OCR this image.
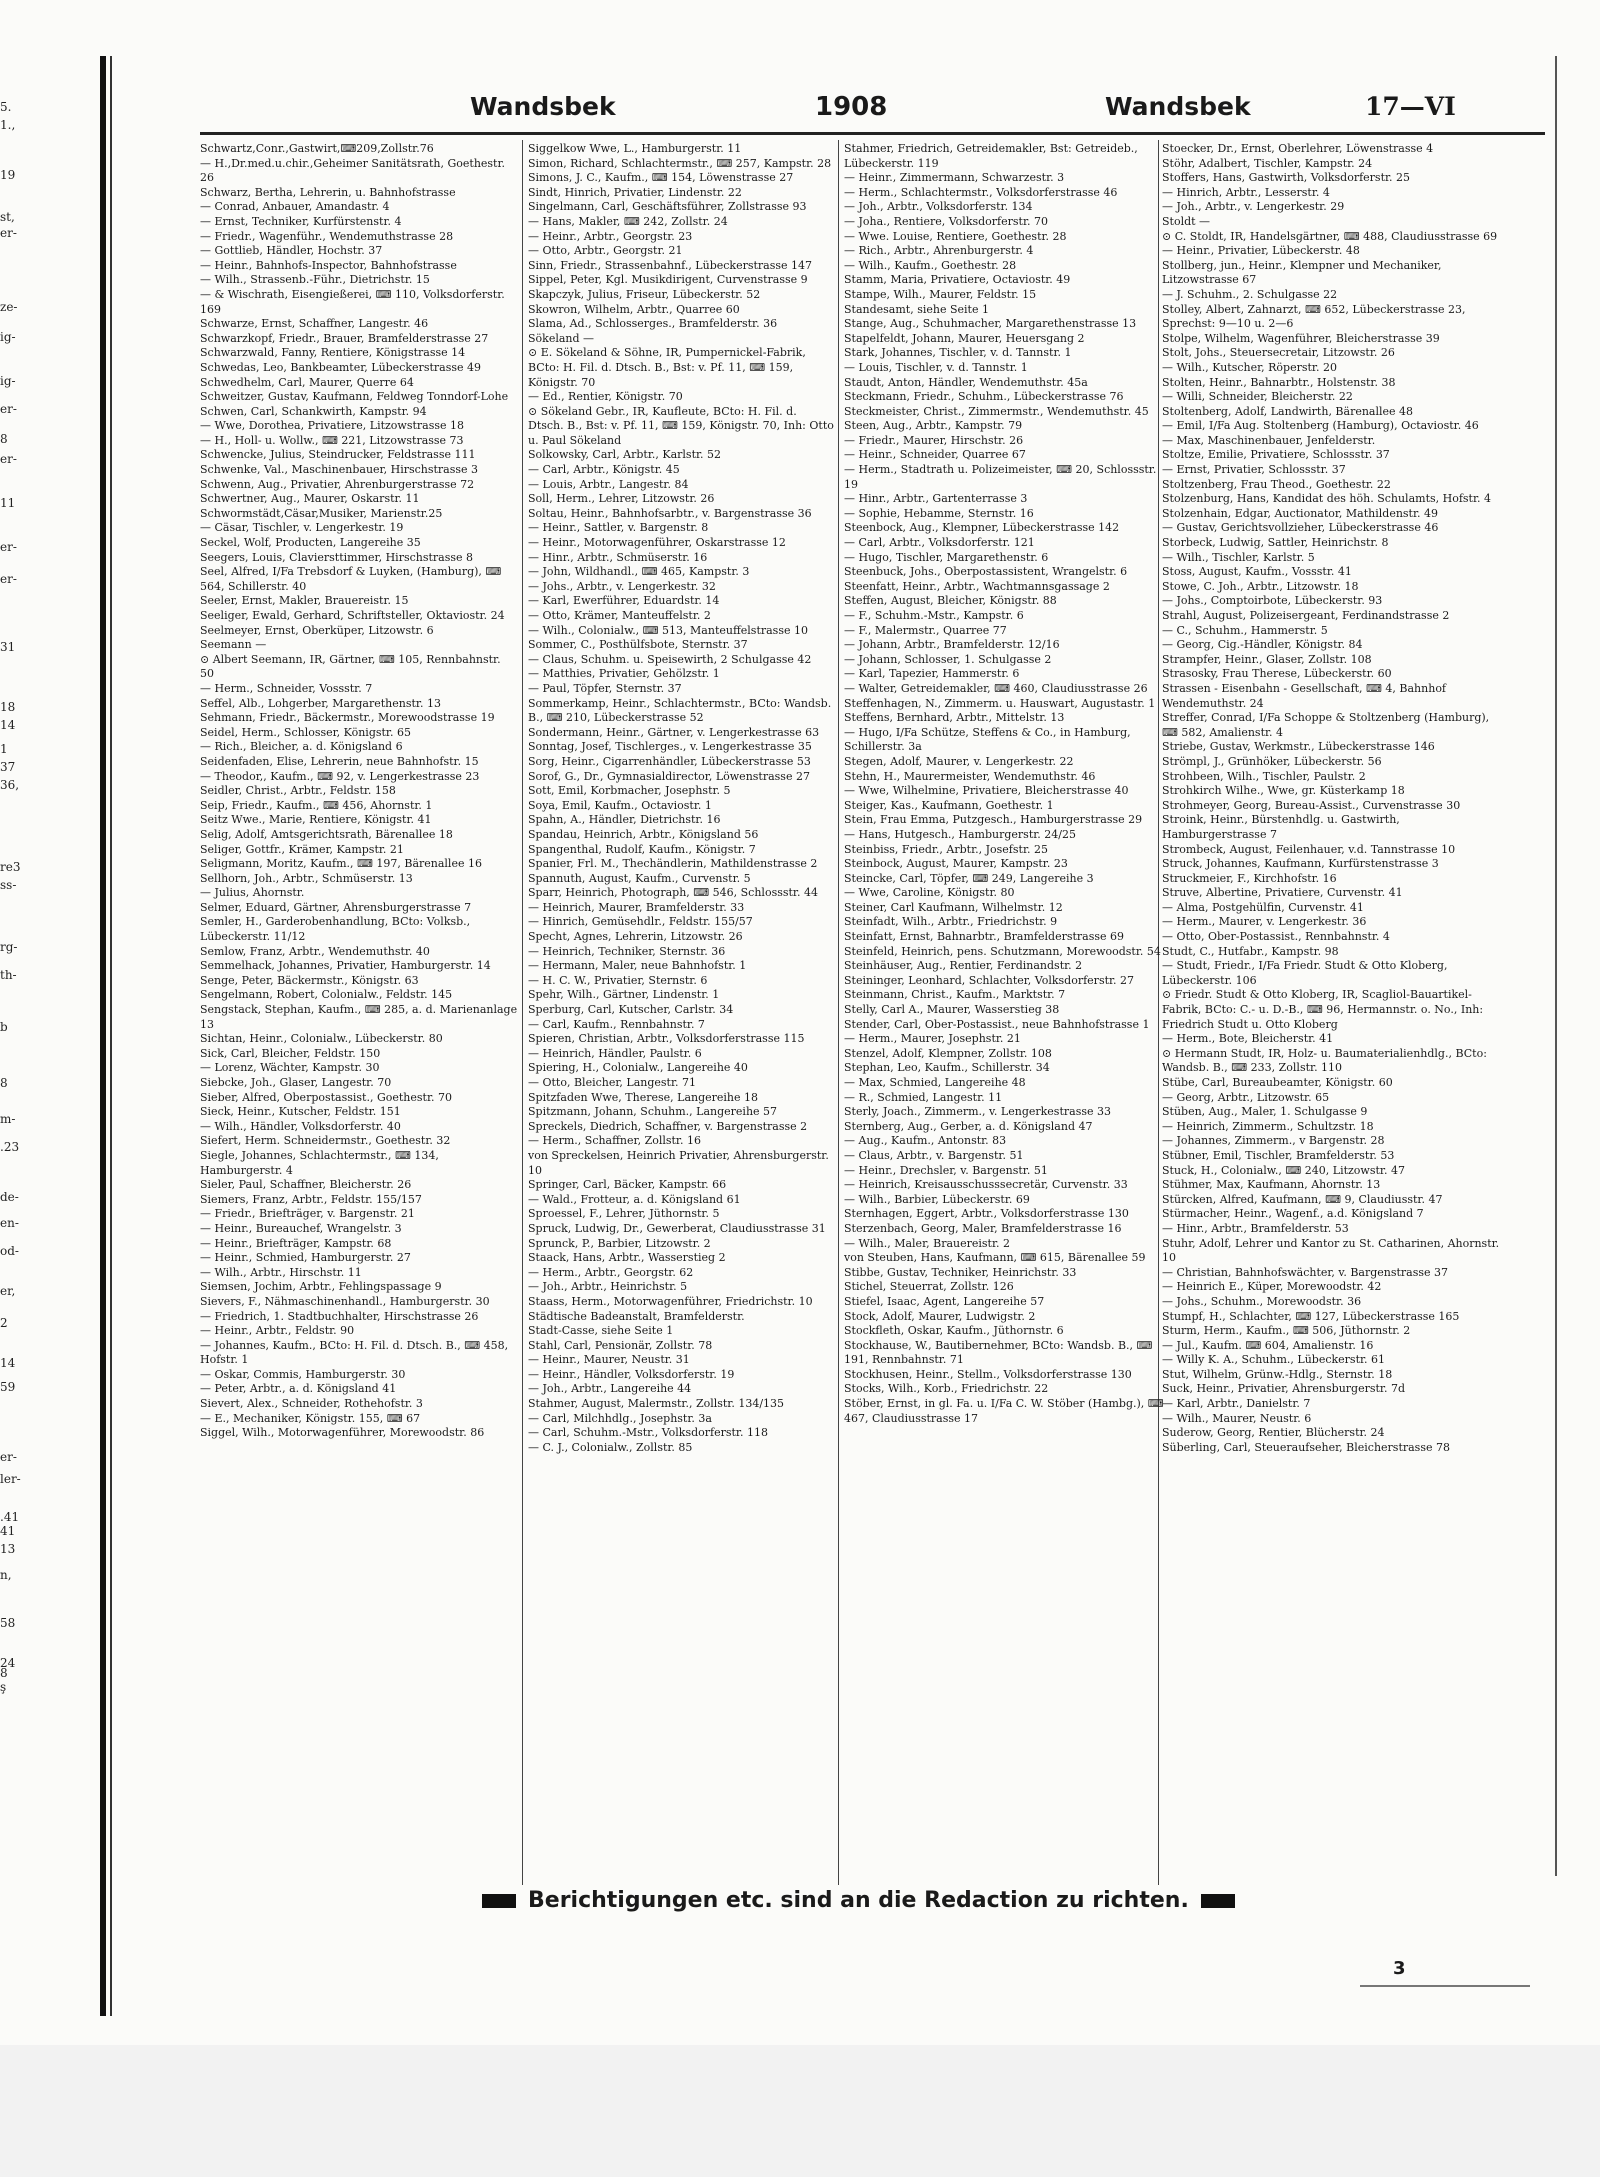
5.
1.,
19
st,
er-
ze-
ig-
ig-
er-
8
er-
11
er-
er-
31
18
14
1
37
36,
re3
ss-
rg-
th-
b
8
m-
.23
de-
en-
od-
er,
2
14
59
er-
ler-
.41
41
13
n,
58
24
8
ş
Wandsbek	1908	Wandsbek	17—VI
Schwartz,Conr.,Gastwirt,⌨209,Zollstr.76
— H.,Dr.med.u.chir.,Geheimer Sanitätsrath, Goethestr. 26
Schwarz, Bertha, Lehrerin, u. Bahnhofstrasse
— Conrad, Anbauer, Amandastr. 4
— Ernst, Techniker, Kurfürstenstr. 4
— Friedr., Wagenführ., Wendemuthstrasse 28
— Gottlieb, Händler, Hochstr. 37
— Heinr., Bahnhofs-Inspector, Bahnhofstrasse
— Wilh., Strassenb.-Führ., Dietrichstr. 15
— & Wischrath, Eisengießerei, ⌨ 110, Volksdorferstr. 169
Schwarze, Ernst, Schaffner, Langestr. 46
Schwarzkopf, Friedr., Brauer, Bramfelderstrasse 27
Schwarzwald, Fanny, Rentiere, Königstrasse 14
Schwedas, Leo, Bankbeamter, Lübeckerstrasse 49
Schwedhelm, Carl, Maurer, Querre 64
Schweitzer, Gustav, Kaufmann, Feldweg Tonndorf-Lohe
Schwen, Carl, Schankwirth, Kampstr. 94
— Wwe, Dorothea, Privatiere, Litzowstrasse 18
— H., Holl- u. Wollw., ⌨ 221, Litzowstrasse 73
Schwencke, Julius, Steindrucker, Feldstrasse 111
Schwenke, Val., Maschinenbauer, Hirschstrasse 3
Schwenn, Aug., Privatier, Ahrenburgerstrasse 72
Schwertner, Aug., Maurer, Oskarstr. 11
Schwormstädt,Cäsar,Musiker, Marienstr.25
— Cäsar, Tischler, v. Lengerkestr. 19
Seckel, Wolf, Producten, Langereihe 35
Seegers, Louis, Claviersttimmer, Hirschstrasse 8
Seel, Alfred, I/Fa Trebsdorf & Luyken, (Hamburg), ⌨ 564, Schillerstr. 40
Seeler, Ernst, Makler, Brauereistr. 15
Seeliger, Ewald, Gerhard, Schriftsteller, Oktaviostr. 24
Seelmeyer, Ernst, Oberküper, Litzowstr. 6
Seemann —
⊙ Albert Seemann, IR, Gärtner, ⌨ 105, Rennbahnstr. 50
— Herm., Schneider, Vossstr. 7
Seffel, Alb., Lohgerber, Margarethenstr. 13
Sehmann, Friedr., Bäckermstr., Morewoodstrasse 19
Seidel, Herm., Schlosser, Königstr. 65
— Rich., Bleicher, a. d. Königsland 6
Seidenfaden, Elise, Lehrerin, neue Bahnhofstr. 15
— Theodor,, Kaufm., ⌨ 92, v. Lengerkestrasse 23
Seidler, Christ., Arbtr., Feldstr. 158
Seip, Friedr., Kaufm., ⌨ 456, Ahornstr. 1
Seitz Wwe., Marie, Rentiere, Königstr. 41
Selig, Adolf, Amtsgerichtsrath, Bärenallee 18
Seliger, Gottfr., Krämer, Kampstr. 21
Seligmann, Moritz, Kaufm., ⌨ 197, Bärenallee 16
Sellhorn, Joh., Arbtr., Schmüserstr. 13
— Julius, Ahornstr.
Selmer, Eduard, Gärtner, Ahrensburgerstrasse 7
Semler, H., Garderobenhandlung, BCto: Volksb., Lübeckerstr. 11/12
Semlow, Franz, Arbtr., Wendemuthstr. 40
Semmelhack, Johannes, Privatier, Hamburgerstr. 14
Senge, Peter, Bäckermstr., Königstr. 63
Sengelmann, Robert, Colonialw., Feldstr. 145
Sengstack, Stephan, Kaufm., ⌨ 285, a. d. Marienanlage 13
Sichtan, Heinr., Colonialw., Lübeckerstr. 80
Sick, Carl, Bleicher, Feldstr. 150
— Lorenz, Wächter, Kampstr. 30
Siebcke, Joh., Glaser, Langestr. 70
Sieber, Alfred, Oberpostassist., Goethestr. 70
Sieck, Heinr., Kutscher, Feldstr. 151
— Wilh., Händler, Volksdorferstr. 40
Siefert, Herm. Schneidermstr., Goethestr. 32
Siegle, Johannes, Schlachtermstr., ⌨ 134, Hamburgerstr. 4
Sieler, Paul, Schaffner, Bleicherstr. 26
Siemers, Franz, Arbtr., Feldstr. 155/157
— Friedr., Briefträger, v. Bargenstr. 21
— Heinr., Bureauchef, Wrangelstr. 3
— Heinr., Briefträger, Kampstr. 68
— Heinr., Schmied, Hamburgerstr. 27
— Wilh., Arbtr., Hirschstr. 11
Siemsen, Jochim, Arbtr., Fehlingspassage 9
Sievers, F., Nähmaschinenhandl., Hamburgerstr. 30
— Friedrich, 1. Stadtbuchhalter, Hirschstrasse 26
— Heinr., Arbtr., Feldstr. 90
— Johannes, Kaufm., BCto: H. Fil. d. Dtsch. B., ⌨ 458, Hofstr. 1
— Oskar, Commis, Hamburgerstr. 30
— Peter, Arbtr., a. d. Königsland 41
Sievert, Alex., Schneider, Rothehofstr. 3
— E., Mechaniker, Königstr. 155, ⌨ 67
Siggel, Wilh., Motorwagenführer, Morewoodstr. 86
Siggelkow Wwe, L., Hamburgerstr. 11
Simon, Richard, Schlachtermstr., ⌨ 257, Kampstr. 28
Simons, J. C., Kaufm., ⌨ 154, Löwenstrasse 27
Sindt, Hinrich, Privatier, Lindenstr. 22
Singelmann, Carl, Geschäftsführer, Zollstrasse 93
— Hans, Makler, ⌨ 242, Zollstr. 24
— Heinr., Arbtr., Georgstr. 23
— Otto, Arbtr., Georgstr. 21
Sinn, Friedr., Strassenbahnf., Lübeckerstrasse 147
Sippel, Peter, Kgl. Musikdirigent, Curvenstrasse 9
Skapczyk, Julius, Friseur, Lübeckerstr. 52
Skowron, Wilhelm, Arbtr., Quarree 60
Slama, Ad., Schlosserges., Bramfelderstr. 36
Sökeland —
⊙ E. Sökeland & Söhne, IR, Pumpernickel-Fabrik, BCto: H. Fil. d. Dtsch. B., Bst: v. Pf. 11, ⌨ 159, Königstr. 70
— Ed., Rentier, Königstr. 70
⊙ Sökeland Gebr., IR, Kaufleute, BCto: H. Fil. d. Dtsch. B., Bst: v. Pf. 11, ⌨ 159, Königstr. 70, Inh: Otto u. Paul Sökeland
Solkowsky, Carl, Arbtr., Karlstr. 52
— Carl, Arbtr., Königstr. 45
— Louis, Arbtr., Langestr. 84
Soll, Herm., Lehrer, Litzowstr. 26
Soltau, Heinr., Bahnhofsarbtr., v. Bargenstrasse 36
— Heinr., Sattler, v. Bargenstr. 8
— Heinr., Motorwagenführer, Oskarstrasse 12
— Hinr., Arbtr., Schmüserstr. 16
— John, Wildhandl., ⌨ 465, Kampstr. 3
— Johs., Arbtr., v. Lengerkestr. 32
— Karl, Ewerführer, Eduardstr. 14
— Otto, Krämer, Manteuffelstr. 2
— Wilh., Colonialw., ⌨ 513, Manteuffelstrasse 10
Sommer, C., Posthülfsbote, Sternstr. 37
— Claus, Schuhm. u. Speisewirth, 2 Schulgasse 42
— Matthies, Privatier, Gehölzstr. 1
— Paul, Töpfer, Sternstr. 37
Sommerkamp, Heinr., Schlachtermstr., BCto: Wandsb. B., ⌨ 210, Lübeckerstrasse 52
Sondermann, Heinr., Gärtner, v. Lengerkestrasse 63
Sonntag, Josef, Tischlerges., v. Lengerkestrasse 35
Sorg, Heinr., Cigarrenhändler, Lübeckerstrasse 53
Sorof, G., Dr., Gymnasialdirector, Löwenstrasse 27
Sott, Emil, Korbmacher, Josephstr. 5
Soya, Emil, Kaufm., Octaviostr. 1
Spahn, A., Händler, Dietrichstr. 16
Spandau, Heinrich, Arbtr., Königsland 56
Spangenthal, Rudolf, Kaufm., Königstr. 7
Spanier, Frl. M., Thechändlerin, Mathildenstrasse 2
Spannuth, August, Kaufm., Curvenstr. 5
Sparr, Heinrich, Photograph, ⌨ 546, Schlossstr. 44
— Heinrich, Maurer, Bramfelderstr. 33
— Hinrich, Gemüsehdlr., Feldstr. 155/57
Specht, Agnes, Lehrerin, Litzowstr. 26
— Heinrich, Techniker, Sternstr. 36
— Hermann, Maler, neue Bahnhofstr. 1
— H. C. W., Privatier, Sternstr. 6
Spehr, Wilh., Gärtner, Lindenstr. 1
Sperburg, Carl, Kutscher, Carlstr. 34
— Carl, Kaufm., Rennbahnstr. 7
Spieren, Christian, Arbtr., Volksdorferstrasse 115
— Heinrich, Händler, Paulstr. 6
Spiering, H., Colonialw., Langereihe 40
— Otto, Bleicher, Langestr. 71
Spitzfaden Wwe, Therese, Langereihe 18
Spitzmann, Johann, Schuhm., Langereihe 57
Spreckels, Diedrich, Schaffner, v. Bargenstrasse 2
— Herm., Schaffner, Zollstr. 16
von Spreckelsen, Heinrich Privatier, Ahrensburgerstr. 10
Springer, Carl, Bäcker, Kampstr. 66
— Wald., Frotteur, a. d. Königsland 61
Sproessel, F., Lehrer, Jüthornstr. 5
Spruck, Ludwig, Dr., Gewerberat, Claudiusstrasse 31
Sprunck, P., Barbier, Litzowstr. 2
Staack, Hans, Arbtr., Wasserstieg 2
— Herm., Arbtr., Georgstr. 62
— Joh., Arbtr., Heinrichstr. 5
Staass, Herm., Motorwagenführer, Friedrichstr. 10
Städtische Badeanstalt, Bramfelderstr.
Stadt-Casse, siehe Seite 1
Stahl, Carl, Pensionär, Zollstr. 78
— Heinr., Maurer, Neustr. 31
— Heinr., Händler, Volksdorferstr. 19
— Joh., Arbtr., Langereihe 44
Stahmer, August, Malermstr., Zollstr. 134/135
— Carl, Milchhdlg., Josephstr. 3a
— Carl, Schuhm.-Mstr., Volksdorferstr. 118
— C. J., Colonialw., Zollstr. 85
Stahmer, Friedrich, Getreidemakler, Bst: Getreideb., Lübeckerstr. 119
— Heinr., Zimmermann, Schwarzestr. 3
— Herm., Schlachtermstr., Volksdorferstrasse 46
— Joh., Arbtr., Volksdorferstr. 134
— Joha., Rentiere, Volksdorferstr. 70
— Wwe. Louise, Rentiere, Goethestr. 28
— Rich., Arbtr., Ahrenburgerstr. 4
— Wilh., Kaufm., Goethestr. 28
Stamm, Maria, Privatiere, Octaviostr. 49
Stampe, Wilh., Maurer, Feldstr. 15
Standesamt, siehe Seite 1
Stange, Aug., Schuhmacher, Margarethenstrasse 13
Stapelfeldt, Johann, Maurer, Heuersgang 2
Stark, Johannes, Tischler, v. d. Tannstr. 1
— Louis, Tischler, v. d. Tannstr. 1
Staudt, Anton, Händler, Wendemuthstr. 45a
Steckmann, Friedr., Schuhm., Lübeckerstrasse 76
Steckmeister, Christ., Zimmermstr., Wendemuthstr. 45
Steen, Aug., Arbtr., Kampstr. 79
— Friedr., Maurer, Hirschstr. 26
— Heinr., Schneider, Quarree 67
— Herm., Stadtrath u. Polizeimeister, ⌨ 20, Schlossstr. 19
— Hinr., Arbtr., Gartenterrasse 3
— Sophie, Hebamme, Sternstr. 16
Steenbock, Aug., Klempner, Lübeckerstrasse 142
— Carl, Arbtr., Volksdorferstr. 121
— Hugo, Tischler, Margarethenstr. 6
Steenbuck, Johs., Oberpostassistent, Wrangelstr. 6
Steenfatt, Heinr., Arbtr., Wachtmannsgassage 2
Steffen, August, Bleicher, Königstr. 88
— F., Schuhm.-Mstr., Kampstr. 6
— F., Malermstr., Quarree 77
— Johann, Arbtr., Bramfelderstr. 12/16
— Johann, Schlosser, 1. Schulgasse 2
— Karl, Tapezier, Hammerstr. 6
— Walter, Getreidemakler, ⌨ 460, Claudiusstrasse 26
Steffenhagen, N., Zimmerm. u. Hauswart, Augustastr. 1
Steffens, Bernhard, Arbtr., Mittelstr. 13
— Hugo, I/Fa Schütze, Steffens & Co., in Hamburg, Schillerstr. 3a
Stegen, Adolf, Maurer, v. Lengerkestr. 22
Stehn, H., Maurermeister, Wendemuthstr. 46
— Wwe, Wilhelmine, Privatiere, Bleicherstrasse 40
Steiger, Kas., Kaufmann, Goethestr. 1
Stein, Frau Emma, Putzgesch., Hamburgerstrasse 29
— Hans, Hutgesch., Hamburgerstr. 24/25
Steinbiss, Friedr., Arbtr., Josefstr. 25
Steinbock, August, Maurer, Kampstr. 23
Steincke, Carl, Töpfer, ⌨ 249, Langereihe 3
— Wwe, Caroline, Königstr. 80
Steiner, Carl Kaufmann, Wilhelmstr. 12
Steinfadt, Wilh., Arbtr., Friedrichstr. 9
Steinfatt, Ernst, Bahnarbtr., Bramfelderstrasse 69
Steinfeld, Heinrich, pens. Schutzmann, Morewoodstr. 54
Steinhäuser, Aug., Rentier, Ferdinandstr. 2
Steininger, Leonhard, Schlachter, Volksdorferstr. 27
Steinmann, Christ., Kaufm., Marktstr. 7
Stelly, Carl A., Maurer, Wasserstieg 38
Stender, Carl, Ober-Postassist., neue Bahnhofstrasse 1
— Herm., Maurer, Josephstr. 21
Stenzel, Adolf, Klempner, Zollstr. 108
Stephan, Leo, Kaufm., Schillerstr. 34
— Max, Schmied, Langereihe 48
— R., Schmied, Langestr. 11
Sterly, Joach., Zimmerm., v. Lengerkestrasse 33
Sternberg, Aug., Gerber, a. d. Königsland 47
— Aug., Kaufm., Antonstr. 83
— Claus, Arbtr., v. Bargenstr. 51
— Heinr., Drechsler, v. Bargenstr. 51
— Heinrich, Kreisausschusssecretär, Curvenstr. 33
— Wilh., Barbier, Lübeckerstr. 69
Sternhagen, Eggert, Arbtr., Volksdorferstrasse 130
Sterzenbach, Georg, Maler, Bramfelderstrasse 16
— Wilh., Maler, Brauereistr. 2
von Steuben, Hans, Kaufmann, ⌨ 615, Bärenallee 59
Stibbe, Gustav, Techniker, Heinrichstr. 33
Stichel, Steuerrat, Zollstr. 126
Stiefel, Isaac, Agent, Langereihe 57
Stock, Adolf, Maurer, Ludwigstr. 2
Stockfleth, Oskar, Kaufm., Jüthornstr. 6
Stockhause, W., Bautibernehmer, BCto: Wandsb. B., ⌨ 191, Rennbahnstr. 71
Stockhusen, Heinr., Stellm., Volksdorferstrasse 130
Stocks, Wilh., Korb., Friedrichstr. 22
Stöber, Ernst, in gl. Fa. u. I/Fa C. W. Stöber (Hambg.), ⌨ 467, Claudiusstrasse 17
Stoecker, Dr., Ernst, Oberlehrer, Löwenstrasse 4
Stöhr, Adalbert, Tischler, Kampstr. 24
Stoffers, Hans, Gastwirth, Volksdorferstr. 25
— Hinrich, Arbtr., Lesserstr. 4
— Joh., Arbtr., v. Lengerkestr. 29
Stoldt —
⊙ C. Stoldt, IR, Handelsgärtner, ⌨ 488, Claudiusstrasse 69
— Heinr., Privatier, Lübeckerstr. 48
Stollberg, jun., Heinr., Klempner und Mechaniker, Litzowstrasse 67
— J. Schuhm., 2. Schulgasse 22
Stolley, Albert, Zahnarzt, ⌨ 652, Lübeckerstrasse 23, Sprechst: 9—10 u. 2—6
Stolpe, Wilhelm, Wagenführer, Bleicherstrasse 39
Stolt, Johs., Steuersecretair, Litzowstr. 26
— Wilh., Kutscher, Röperstr. 20
Stolten, Heinr., Bahnarbtr., Holstenstr. 38
— Willi, Schneider, Bleicherstr. 22
Stoltenberg, Adolf, Landwirth, Bärenallee 48
— Emil, I/Fa Aug. Stoltenberg (Hamburg), Octaviostr. 46
— Max, Maschinenbauer, Jenfelderstr.
Stoltze, Emilie, Privatiere, Schlossstr. 37
— Ernst, Privatier, Schlossstr. 37
Stoltzenberg, Frau Theod., Goethestr. 22
Stolzenburg, Hans, Kandidat des höh. Schulamts, Hofstr. 4
Stolzenhain, Edgar, Auctionator, Mathildenstr. 49
— Gustav, Gerichtsvollzieher, Lübeckerstrasse 46
Storbeck, Ludwig, Sattler, Heinrichstr. 8
— Wilh., Tischler, Karlstr. 5
Stoss, August, Kaufm., Vossstr. 41
Stowe, C. Joh., Arbtr., Litzowstr. 18
— Johs., Comptoirbote, Lübeckerstr. 93
Strahl, August, Polizeisergeant, Ferdinandstrasse 2
— C., Schuhm., Hammerstr. 5
— Georg, Cig.-Händler, Königstr. 84
Strampfer, Heinr., Glaser, Zollstr. 108
Strasosky, Frau Therese, Lübeckerstr. 60
Strassen - Eisenbahn - Gesellschaft, ⌨ 4, Bahnhof Wendemuthstr. 24
Streffer, Conrad, I/Fa Schoppe & Stoltzenberg (Hamburg), ⌨ 582, Amalienstr. 4
Striebe, Gustav, Werkmstr., Lübeckerstrasse 146
Strömpl, J., Grünhöker, Lübeckerstr. 56
Strohbeen, Wilh., Tischler, Paulstr. 2
Strohkirch Wilhe., Wwe, gr. Küsterkamp 18
Strohmeyer, Georg, Bureau-Assist., Curvenstrasse 30
Stroink, Heinr., Bürstenhdlg. u. Gastwirth, Hamburgerstrasse 7
Strombeck, August, Feilenhauer, v.d. Tannstrasse 10
Struck, Johannes, Kaufmann, Kurfürstenstrasse 3
Struckmeier, F., Kirchhofstr. 16
Struve, Albertine, Privatiere, Curvenstr. 41
— Alma, Postgehülfin, Curvenstr. 41
— Herm., Maurer, v. Lengerkestr. 36
— Otto, Ober-Postassist., Rennbahnstr. 4
Studt, C., Hutfabr., Kampstr. 98
— Studt, Friedr., I/Fa Friedr. Studt & Otto Kloberg, Lübeckerstr. 106
⊙ Friedr. Studt & Otto Kloberg, IR, Scagliol-Bauartikel-Fabrik, BCto: C.- u. D.-B., ⌨ 96, Hermannstr. o. No., Inh: Friedrich Studt u. Otto Kloberg
— Herm., Bote, Bleicherstr. 41
⊙ Hermann Studt, IR, Holz- u. Baumaterialienhdlg., BCto: Wandsb. B., ⌨ 233, Zollstr. 110
Stübe, Carl, Bureaubeamter, Königstr. 60
— Georg, Arbtr., Litzowstr. 65
Stüben, Aug., Maler, 1. Schulgasse 9
— Heinrich, Zimmerm., Schultzstr. 18
— Johannes, Zimmerm., v Bargenstr. 28
Stübner, Emil, Tischler, Bramfelderstr. 53
Stuck, H., Colonialw., ⌨ 240, Litzowstr. 47
Stühmer, Max, Kaufmann, Ahornstr. 13
Stürcken, Alfred, Kaufmann, ⌨ 9, Claudiusstr. 47
Stürmacher, Heinr., Wagenf., a.d. Königsland 7
— Hinr., Arbtr., Bramfelderstr. 53
Stuhr, Adolf, Lehrer und Kantor zu St. Catharinen, Ahornstr. 10
— Christian, Bahnhofswächter, v. Bargenstrasse 37
— Heinrich E., Küper, Morewoodstr. 42
— Johs., Schuhm., Morewoodstr. 36
Stumpf, H., Schlachter, ⌨ 127, Lübeckerstrasse 165
Sturm, Herm., Kaufm., ⌨ 506, Jüthornstr. 2
— Jul., Kaufm. ⌨ 604, Amalienstr. 16
— Willy K. A., Schuhm., Lübeckerstr. 61
Stut, Wilhelm, Grünw.-Hdlg., Sternstr. 18
Suck, Heinr., Privatier, Ahrensburgerstr. 7d
— Karl, Arbtr., Danielstr. 7
— Wilh., Maurer, Neustr. 6
Suderow, Georg, Rentier, Blücherstr. 24
Süberling, Carl, Steueraufseher, Bleicherstrasse 78
Berichtigungen etc. sind an die Redaction zu richten.
3
